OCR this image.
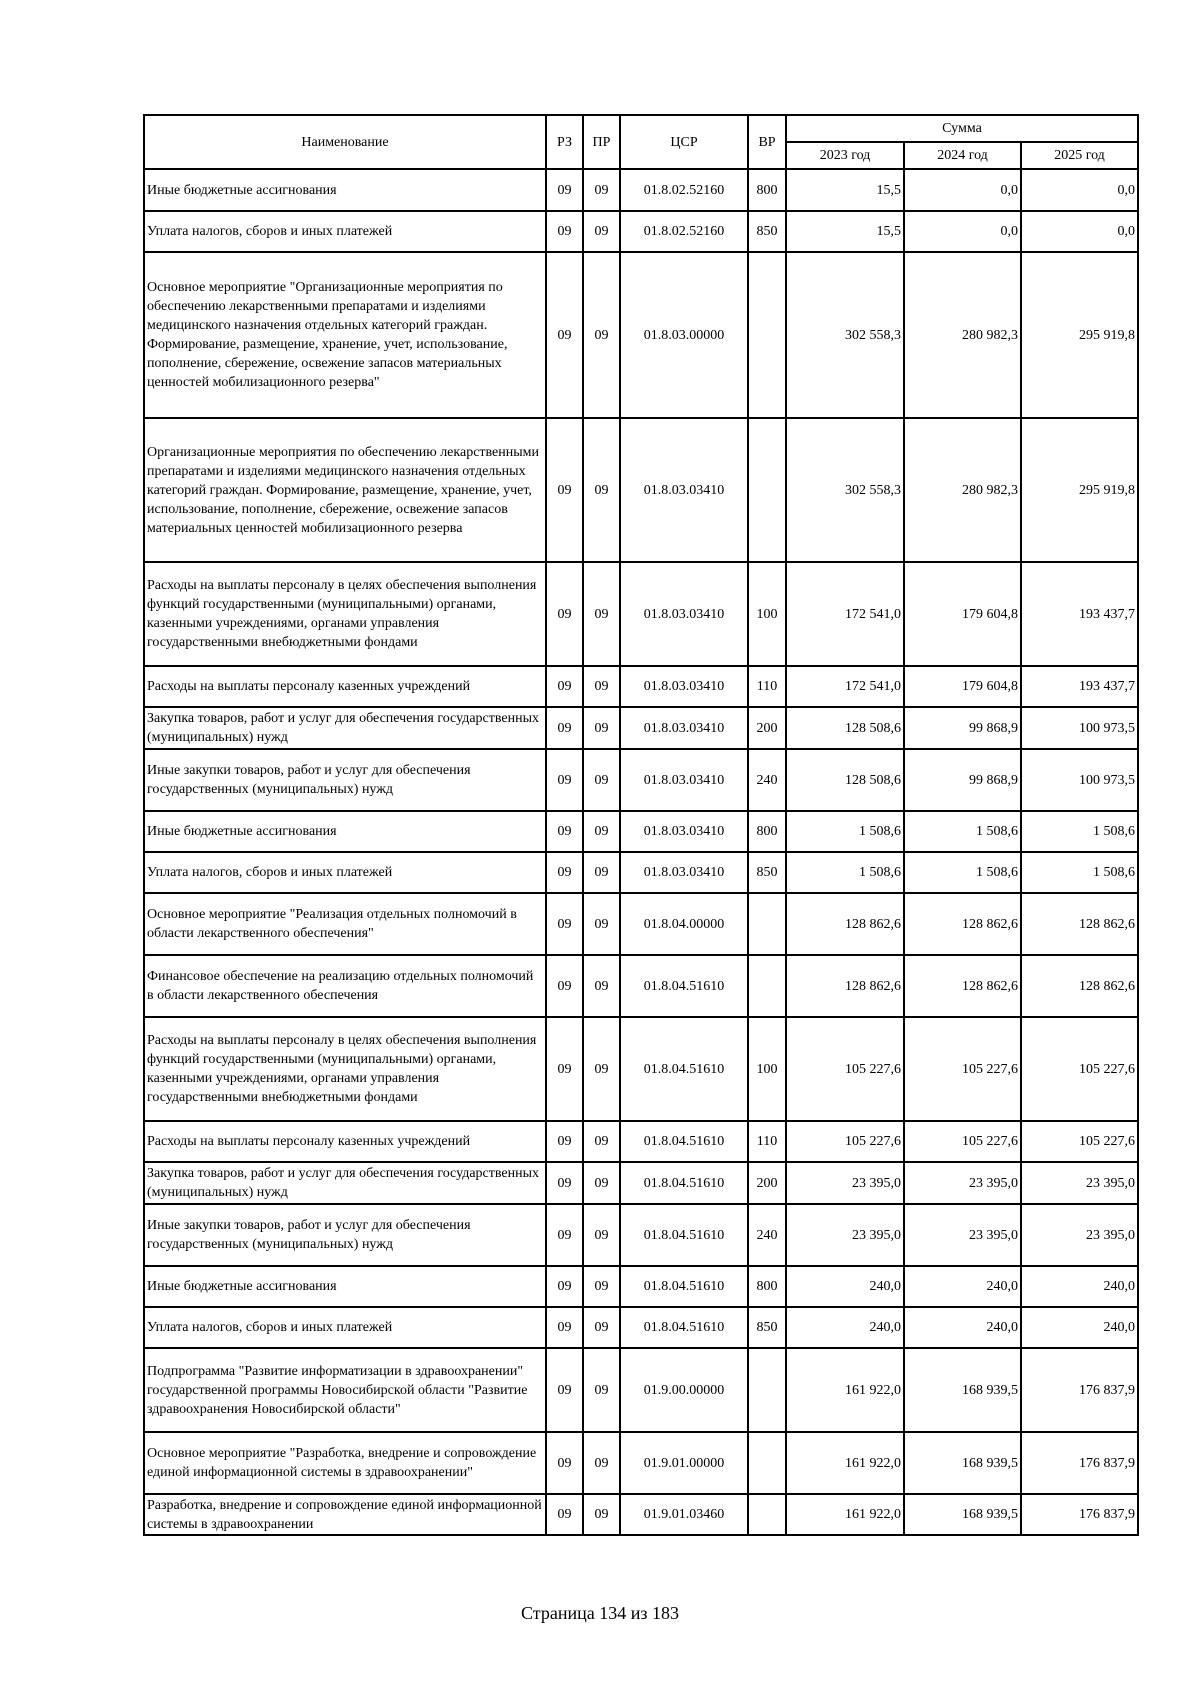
Наименование	РЗ	ПР	ЦСР	ВР	Сумма		
					2023 год	2024 год	2025 год
Иные бюджетные ассигнования	09	09	01.8.02.52160	800	15,5	0,0	0,0
Уплата налогов, сборов и иных платежей	09	09	01.8.02.52160	850	15,5	0,0	0,0
Основное мероприятие "Организационные мероприятия по обеспечению лекарственными препаратами и изделиями медицинского назначения отдельных категорий граждан. Формирование, размещение, хранение, учет, использование, пополнение, сбережение, освежение запасов материальных ценностей мобилизационного резерва"	09	09	01.8.03.00000		302 558,3	280 982,3	295 919,8
Организационные мероприятия по обеспечению лекарственными препаратами и изделиями медицинского назначения отдельных категорий граждан. Формирование, размещение, хранение, учет, использование, пополнение, сбережение, освежение запасов материальных ценностей мобилизационного резерва	09	09	01.8.03.03410		302 558,3	280 982,3	295 919,8
Расходы на выплаты персоналу в целях обеспечения выполнения функций государственными (муниципальными) органами, казенными учреждениями, органами управления государственными внебюджетными фондами	09	09	01.8.03.03410	100	172 541,0	179 604,8	193 437,7
Расходы на выплаты персоналу казенных учреждений	09	09	01.8.03.03410	110	172 541,0	179 604,8	193 437,7
Закупка товаров, работ и услуг для обеспечения государственных (муниципальных) нужд	09	09	01.8.03.03410	200	128 508,6	99 868,9	100 973,5
Иные закупки товаров, работ и услуг для обеспечения государственных (муниципальных) нужд	09	09	01.8.03.03410	240	128 508,6	99 868,9	100 973,5
Иные бюджетные ассигнования	09	09	01.8.03.03410	800	1 508,6	1 508,6	1 508,6
Уплата налогов, сборов и иных платежей	09	09	01.8.03.03410	850	1 508,6	1 508,6	1 508,6
Основное мероприятие "Реализация отдельных полномочий в области лекарственного обеспечения"	09	09	01.8.04.00000		128 862,6	128 862,6	128 862,6
Финансовое обеспечение на реализацию отдельных полномочий в области лекарственного обеспечения	09	09	01.8.04.51610		128 862,6	128 862,6	128 862,6
Расходы на выплаты персоналу в целях обеспечения выполнения функций государственными (муниципальными) органами, казенными учреждениями, органами управления государственными внебюджетными фондами	09	09	01.8.04.51610	100	105 227,6	105 227,6	105 227,6
Расходы на выплаты персоналу казенных учреждений	09	09	01.8.04.51610	110	105 227,6	105 227,6	105 227,6
Закупка товаров, работ и услуг для обеспечения государственных (муниципальных) нужд	09	09	01.8.04.51610	200	23 395,0	23 395,0	23 395,0
Иные закупки товаров, работ и услуг для обеспечения государственных (муниципальных) нужд	09	09	01.8.04.51610	240	23 395,0	23 395,0	23 395,0
Иные бюджетные ассигнования	09	09	01.8.04.51610	800	240,0	240,0	240,0
Уплата налогов, сборов и иных платежей	09	09	01.8.04.51610	850	240,0	240,0	240,0
Подпрограмма "Развитие информатизации в здравоохранении" государственной программы Новосибирской области "Развитие здравоохранения Новосибирской области"	09	09	01.9.00.00000		161 922,0	168 939,5	176 837,9
Основное мероприятие "Разработка, внедрение и сопровождение единой информационной системы в здравоохранении"	09	09	01.9.01.00000		161 922,0	168 939,5	176 837,9
Разработка, внедрение и сопровождение единой информационной системы в здравоохранении	09	09	01.9.01.03460		161 922,0	168 939,5	176 837,9
Страница 134 из 183
